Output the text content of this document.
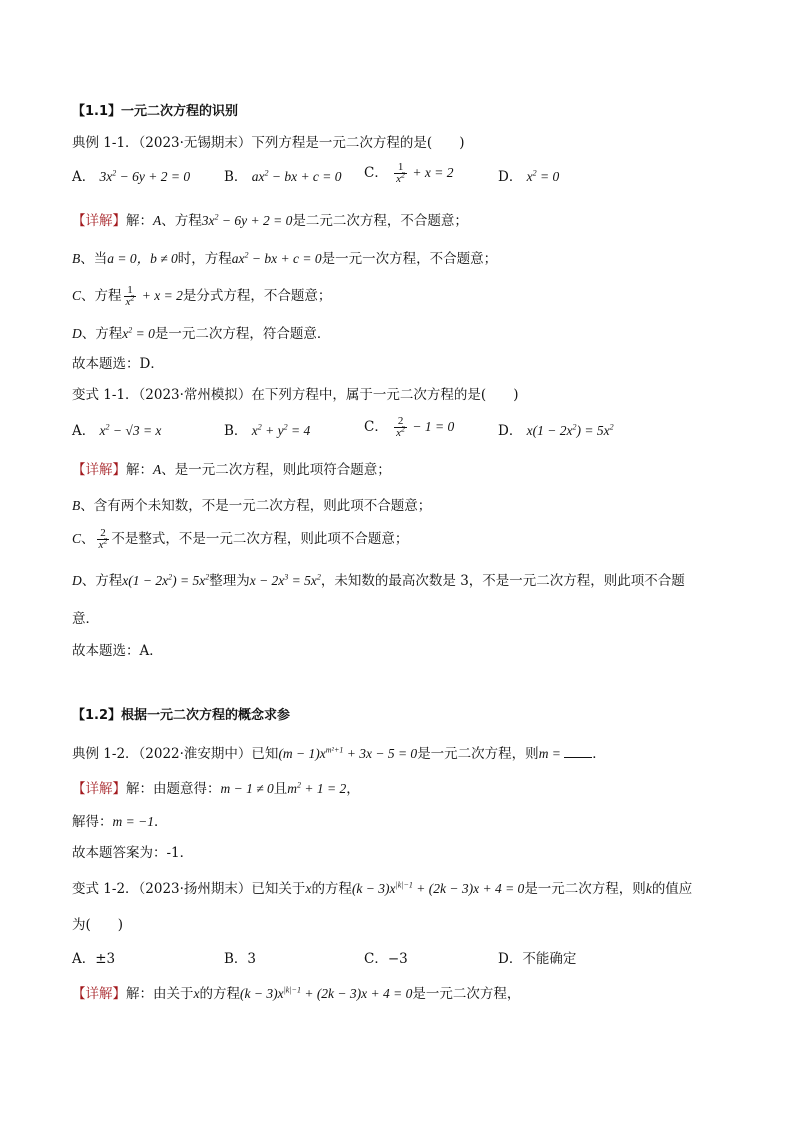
【1.1】一元二次方程的识别
典例 1-1．（2023·无锡期末）下列方程是一元二次方程的是(　　)
A． $3x^2 - 6y + 2 = 0$	B． $ax^2$ − bx + c = 0 C． $\frac{1}{x^2} + x = 2$	D． $x^2 = 0$
【详解】解：A、方程$3x^2 - 6y + 2 = 0$是二元二次方程，不合题意；
B、当a = 0，b ≠ 0时，方程$ax^2$ − bx + c = 0是一元一次方程，不合题意；
C、方程 $\frac{1}{x^2} + x = 2$是分式方程，不合题意；
D、方程$x^2 = 0$是一元二次方程，符合题意．
故本题选：D．
变式 1-1．（2023·常州模拟）在下列方程中，属于一元二次方程的是(　　)
A． $x^2 - √3 = x$	B． $x^2 + y^2 = 4$	C． $\frac{2}{x^2} - 1 = 0$	D． $x(1 - 2x^2) = 5x^2$
【详解】解：A、是一元二次方程，则此项符合题意；
B、含有两个未知数，不是一元二次方程，则此项不合题意；
C、 $\frac{2}{x^2}$ 不是整式，不是一元二次方程，则此项不合题意；
D、方程$x(1 - 2x^2) = 5x^2$整理为$x - 2x^3 = 5x^2$，未知数的最高次数是 3，不是一元二次方程，则此项不合题
意．
故本题选：A．
【1.2】根据一元二次方程的概念求参
典例 1-2．（2022·淮安期中）已知$(m - 1)x^{m^2+1} + 3x - 5 = 0$是一元二次方程，则m = ．
【详解】解：由题意得：m − 1 ≠ 0且$m^2 + 1 = 2$，
解得：m = −1．
故本题答案为：-1．
变式 1-2．（2023·扬州期末）已知关于x的方程$(k - 3)x^{|k|-1} + (2k - 3)x + 4 = 0$是一元二次方程，则k的值应
为(　　)
A．±3	B．3	C．−3	D．不能确定
【详解】解：由关于x的方程$(k - 3)x^{|k|-1} + (2k - 3)x + 4 = 0$是一元二次方程，
